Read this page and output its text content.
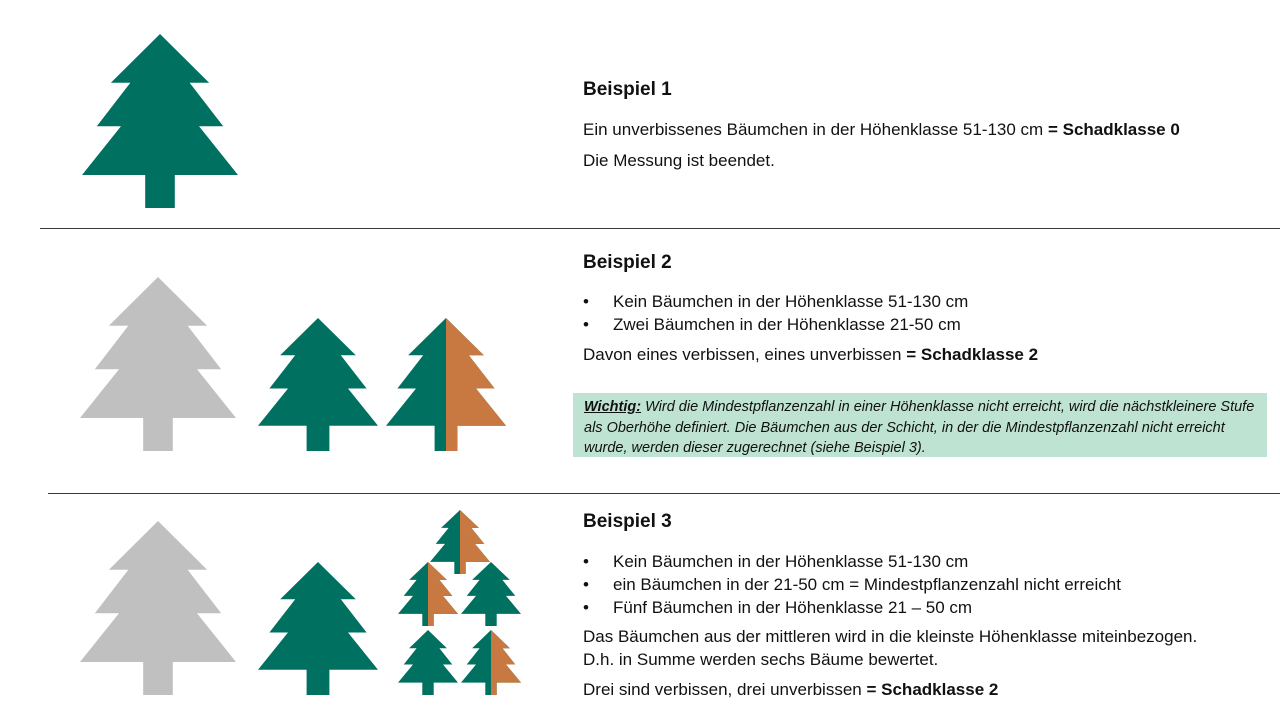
Beispiel 1
Ein unverbissenes Bäumchen in der Höhenklasse 51-130 cm = Schadklasse 0
Die Messung ist beendet.
Beispiel 2
• Kein Bäumchen in der Höhenklasse 51-130 cm
• Zwei Bäumchen in der Höhenklasse 21-50 cm
Davon eines verbissen, eines unverbissen = Schadklasse 2
Wichtig: Wird die Mindestpflanzenzahl in einer Höhenklasse nicht erreicht, wird die nächstkleinere Stufe als Oberhöhe definiert. Die Bäumchen aus der Schicht, in der die Mindestpflanzenzahl nicht erreicht wurde, werden dieser zugerechnet (siehe Beispiel 3).
Beispiel 3
• Kein Bäumchen in der Höhenklasse 51-130 cm
• ein Bäumchen in der 21-50 cm = Mindestpflanzenzahl nicht erreicht
• Fünf Bäumchen in der Höhenklasse 21 – 50 cm
Das Bäumchen aus der mittleren wird in die kleinste Höhenklasse miteinbezogen.
D.h. in Summe werden sechs Bäume bewertet.
Drei sind verbissen, drei unverbissen = Schadklasse 2
